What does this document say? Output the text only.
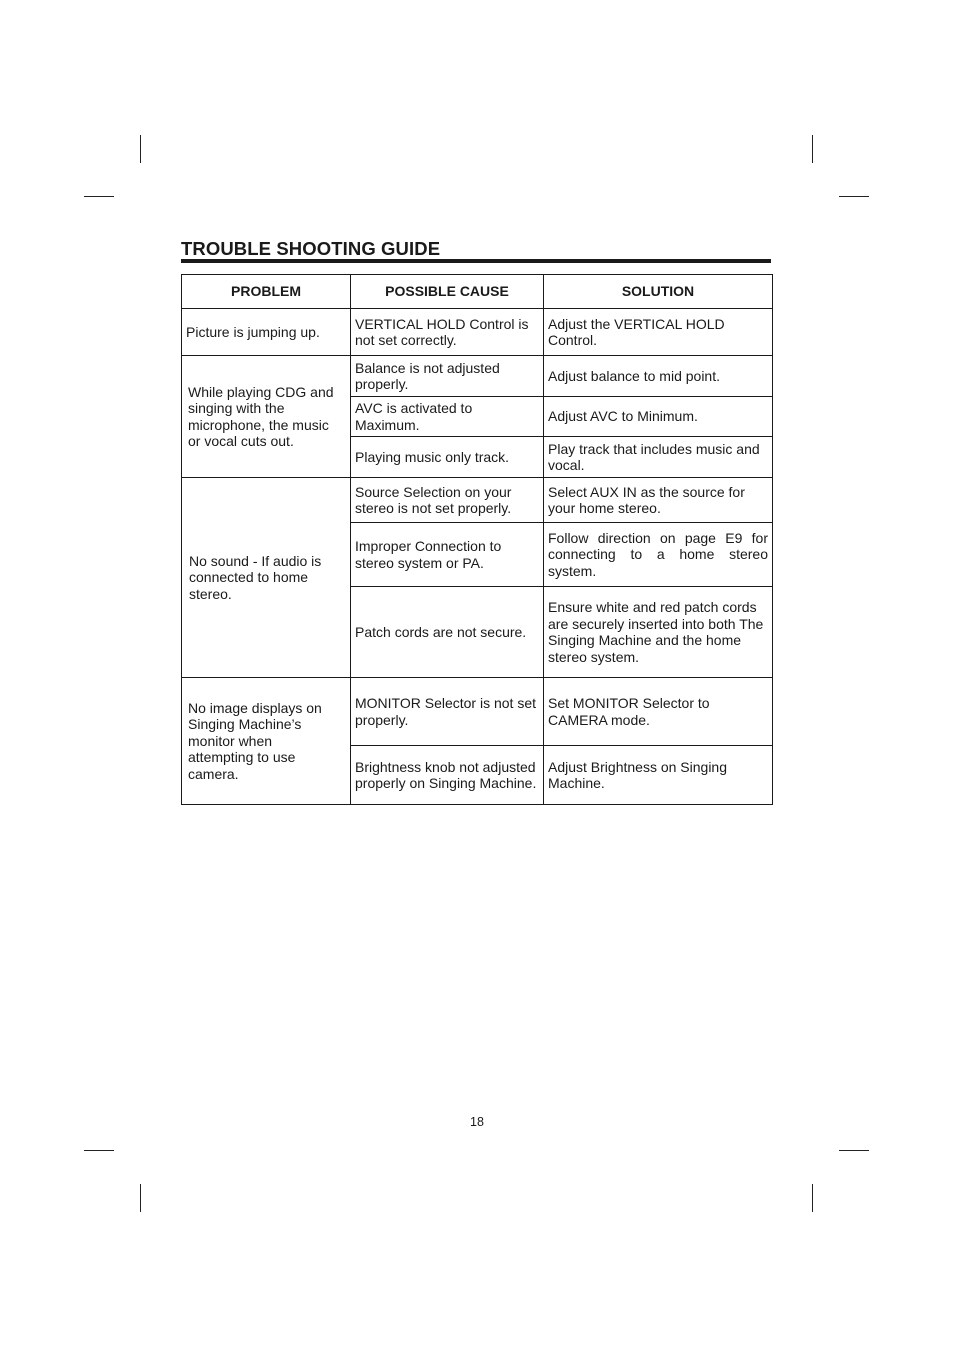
TROUBLE SHOOTING GUIDE
PROBLEM	POSSIBLE CAUSE	SOLUTION
Picture is jumping up.	VERTICAL HOLD Control is not set correctly.	Adjust the VERTICAL HOLD Control.
While playing CDG and singing with the microphone, the music or vocal cuts out.	Balance is not adjusted properly.	Adjust balance to mid point.
	AVC is activated to Maximum.	Adjust AVC to Minimum.
	Playing music only track.	Play track that includes music and vocal.
No sound - If audio is connected to home stereo.	Source Selection on your stereo is not set properly.	Select AUX IN as the source for your home stereo.
	Improper Connection to stereo system or PA.	Follow direction on page E9 for connecting to a home stereo system.
	Patch cords are not secure.	Ensure white and red patch cords are securely inserted into both The Singing Machine and the home stereo system.
No image displays on Singing Machine’s monitor when attempting to use camera.	MONITOR Selector is not set properly.	Set MONITOR Selector to CAMERA mode.
	Brightness knob not adjusted properly on Singing Machine.	Adjust Brightness on Singing Machine.
18
